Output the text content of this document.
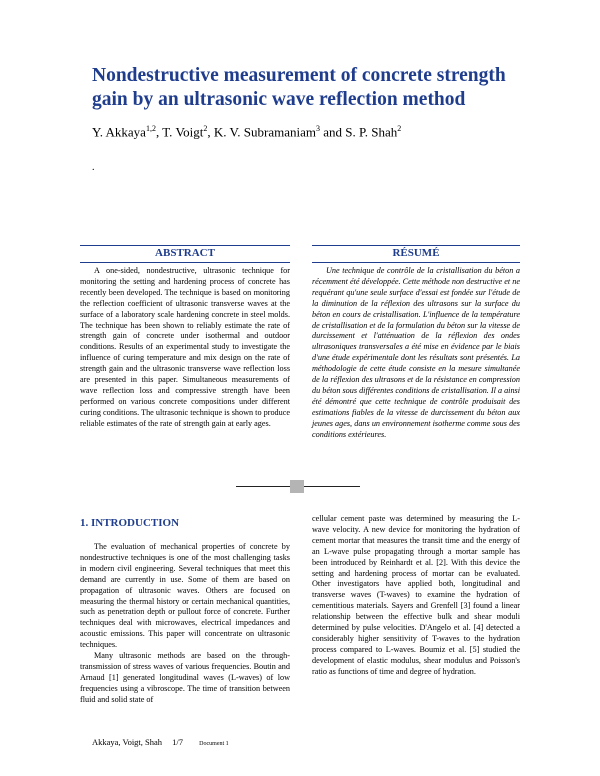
Nondestructive measurement of concrete strength gain by an ultrasonic wave reflection method
Y. Akkaya$^{1,2}$, T. Voigt$^2$, K. V. Subramaniam$^3$ and S. P. Shah$^2$
.
ABSTRACT	RÉSUMÉ

A one-sided, nondestructive, ultrasonic technique for monitoring the setting and hardening process of concrete has recently been developed. The technique is based on monitoring the reflection coefficient of ultrasonic transverse waves at the surface of a laboratory scale hardening concrete in steel molds. The technique has been shown to reliably estimate the rate of strength gain of concrete under isothermal and outdoor conditions. Results of an experimental study to investigate the influence of curing temperature and mix design on the rate of strength gain and the ultrasonic transverse wave reflection loss are presented in this paper. Simultaneous measurements of wave reflection loss and compressive strength have been performed on various concrete compositions under different curing conditions. The ultrasonic technique is shown to produce reliable estimates of the rate of strength gain at early ages.

Une technique de contrôle de la cristallisation du béton a récemment été développée. Cette méthode non destructive et ne requérant qu'une seule surface d'essai est fondée sur l'étude de la diminution de la réflexion des ultrasons sur la surface du béton en cours de cristallisation. L'influence de la température de cristallisation et de la formulation du béton sur la vitesse de durcissement et l'atténuation de la réflexion des ondes ultrasoniques transversales a été mise en évidence par le biais d'une étude expérimentale dont les résultats sont présentés. La méthodologie de cette étude consiste en la mesure simultanée de la réflexion des ultrasons et de la résistance en compression du béton sous différentes conditions de cristallisation. Il a ainsi été démontré que cette technique de contrôle produisait des estimations fiables de la vitesse de durcissement du béton aux jeunes ages, dans un environnement isotherme comme sous des conditions extérieures.

1. INTRODUCTION

The evaluation of mechanical properties of concrete by nondestructive techniques is one of the most challenging tasks in modern civil engineering. Several techniques that meet this demand are currently in use. Some of them are based on propagation of ultrasonic waves. Others are focused on measuring the thermal history or certain mechanical quantities, such as penetration depth or pullout force of concrete. Further techniques deal with microwaves, electrical impedances and acoustic emissions. This paper will concentrate on ultrasonic techniques.

Many ultrasonic methods are based on the through-transmission of stress waves of various frequencies. Boutin and Arnaud [1] generated longitudinal waves (L-waves) of low frequencies using a vibroscope. The time of transition between fluid and solid state of

cellular cement paste was determined by measuring the L-wave velocity. A new device for monitoring the hydration of cement mortar that measures the transit time and the energy of an L-wave pulse propagating through a mortar sample has been introduced by Reinhardt et al. [2]. With this device the setting and hardening process of mortar can be evaluated. Other investigators have applied both, longitudinal and transverse waves (T-waves) to examine the hydration of cementitious materials. Sayers and Grenfell [3] found a linear relationship between the effective bulk and shear moduli determined by pulse velocities. D'Angelo et al. [4] detected a considerably higher sensitivity of T-waves to the hydration process compared to L-waves. Boumiz et al. [5] studied the development of elastic modulus, shear modulus and Poisson's ratio as functions of time and degree of hydration.

Akkaya, Voigt, Shah 1/7	Document 1
